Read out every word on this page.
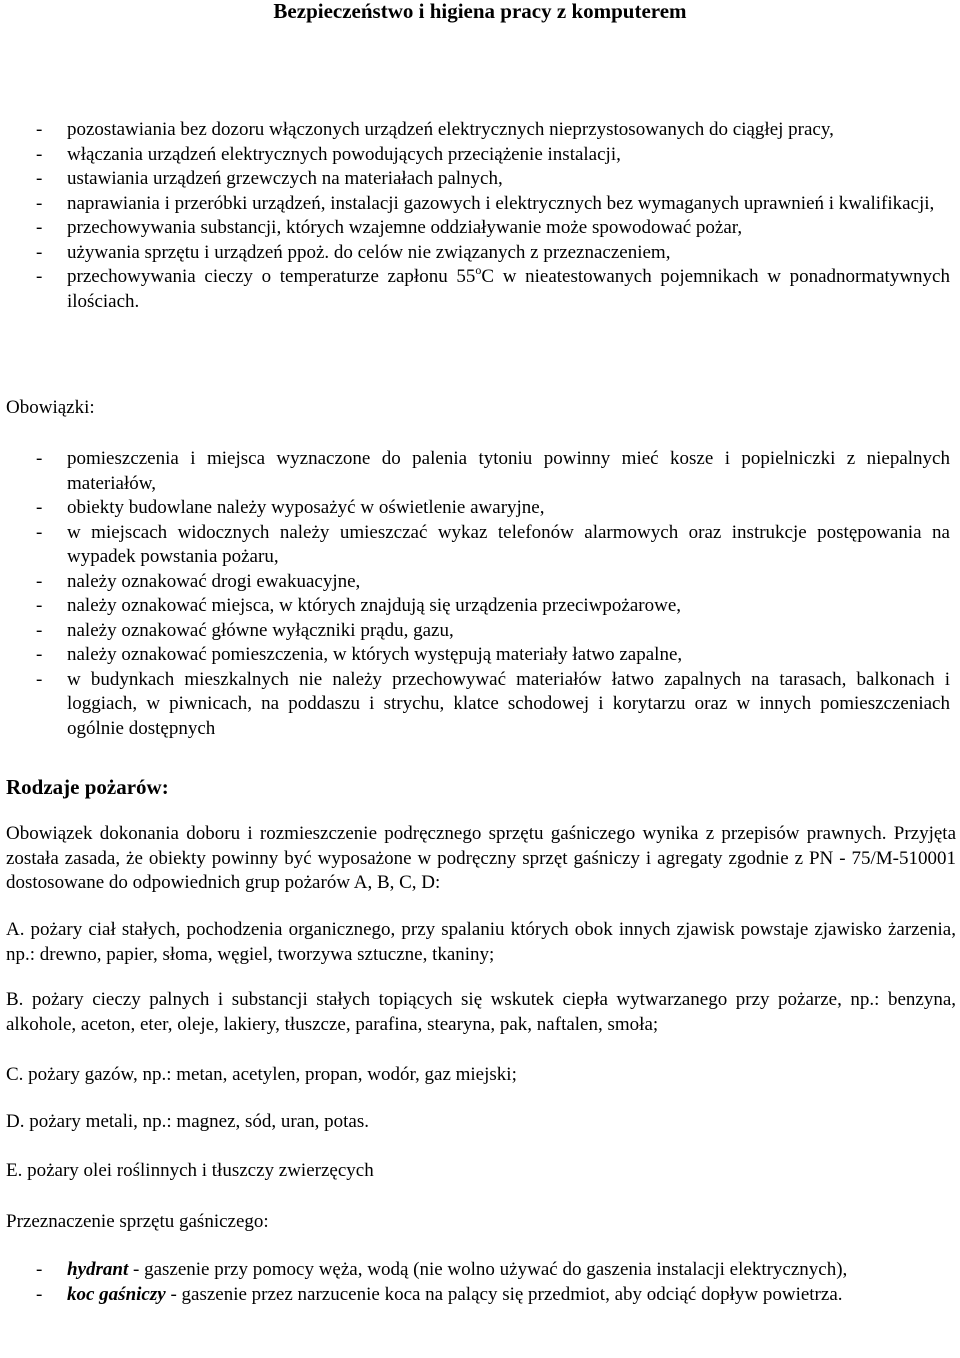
Bezpieczeństwo i higiena pracy z komputerem
- pozostawiania bez dozoru włączonych urządzeń elektrycznych nieprzystosowanych do ciągłej pracy,
- włączania urządzeń elektrycznych powodujących przeciążenie instalacji,
- ustawiania urządzeń grzewczych na materiałach palnych,
- naprawiania i przeróbki urządzeń, instalacji gazowych i elektrycznych bez wymaganych uprawnień i kwalifikacji,
- przechowywania substancji, których wzajemne oddziaływanie może spowodować pożar,
- używania sprzętu i urządzeń ppoż. do celów nie związanych z przeznaczeniem,
- przechowywania cieczy o temperaturze zapłonu 55$^o$C w nieatestowanych pojemnikach w ponadnormatywnych ilościach.
Obowiązki:
- pomieszczenia i miejsca wyznaczone do palenia tytoniu powinny mieć kosze i popielniczki z niepalnych materiałów,
- obiekty budowlane należy wyposażyć w oświetlenie awaryjne,
- w miejscach widocznych należy umieszczać wykaz telefonów alarmowych oraz instrukcje postępowania na wypadek powstania pożaru,
- należy oznakować drogi ewakuacyjne,
- należy oznakować miejsca, w których znajdują się urządzenia przeciwpożarowe,
- należy oznakować główne wyłączniki prądu, gazu,
- należy oznakować pomieszczenia, w których występują materiały łatwo zapalne,
- w budynkach mieszkalnych nie należy przechowywać materiałów łatwo zapalnych na tarasach, balkonach i loggiach, w piwnicach, na poddaszu i strychu, klatce schodowej i korytarzu oraz w innych pomieszczeniach ogólnie dostępnych
Rodzaje pożarów:

Obowiązek dokonania doboru i rozmieszczenie podręcznego sprzętu gaśniczego wynika z przepisów prawnych. Przyjęta została zasada, że obiekty powinny być wyposażone w podręczny sprzęt gaśniczy i agregaty zgodnie z PN - 75/M-510001 dostosowane do odpowiednich grup pożarów A, B, C, D:

A. pożary ciał stałych, pochodzenia organicznego, przy spalaniu których obok innych zjawisk powstaje zjawisko żarzenia, np.: drewno, papier, słoma, węgiel, tworzywa sztuczne, tkaniny;

B. pożary cieczy palnych i substancji stałych topiących się wskutek ciepła wytwarzanego przy pożarze, np.: benzyna, alkohole, aceton, eter, oleje, lakiery, tłuszcze, parafina, stearyna, pak, naftalen, smoła;

C. pożary gazów, np.: metan, acetylen, propan, wodór, gaz miejski;

D. pożary metali, np.: magnez, sód, uran, potas.

E. pożary olei roślinnych i tłuszczy zwierzęcych

Przeznaczenie sprzętu gaśniczego:

- hydrant - gaszenie przy pomocy węża, wodą (nie wolno używać do gaszenia instalacji elektrycznych),
- koc gaśniczy - gaszenie przez narzucenie koca na palący się przedmiot, aby odciąć dopływ powietrza.
